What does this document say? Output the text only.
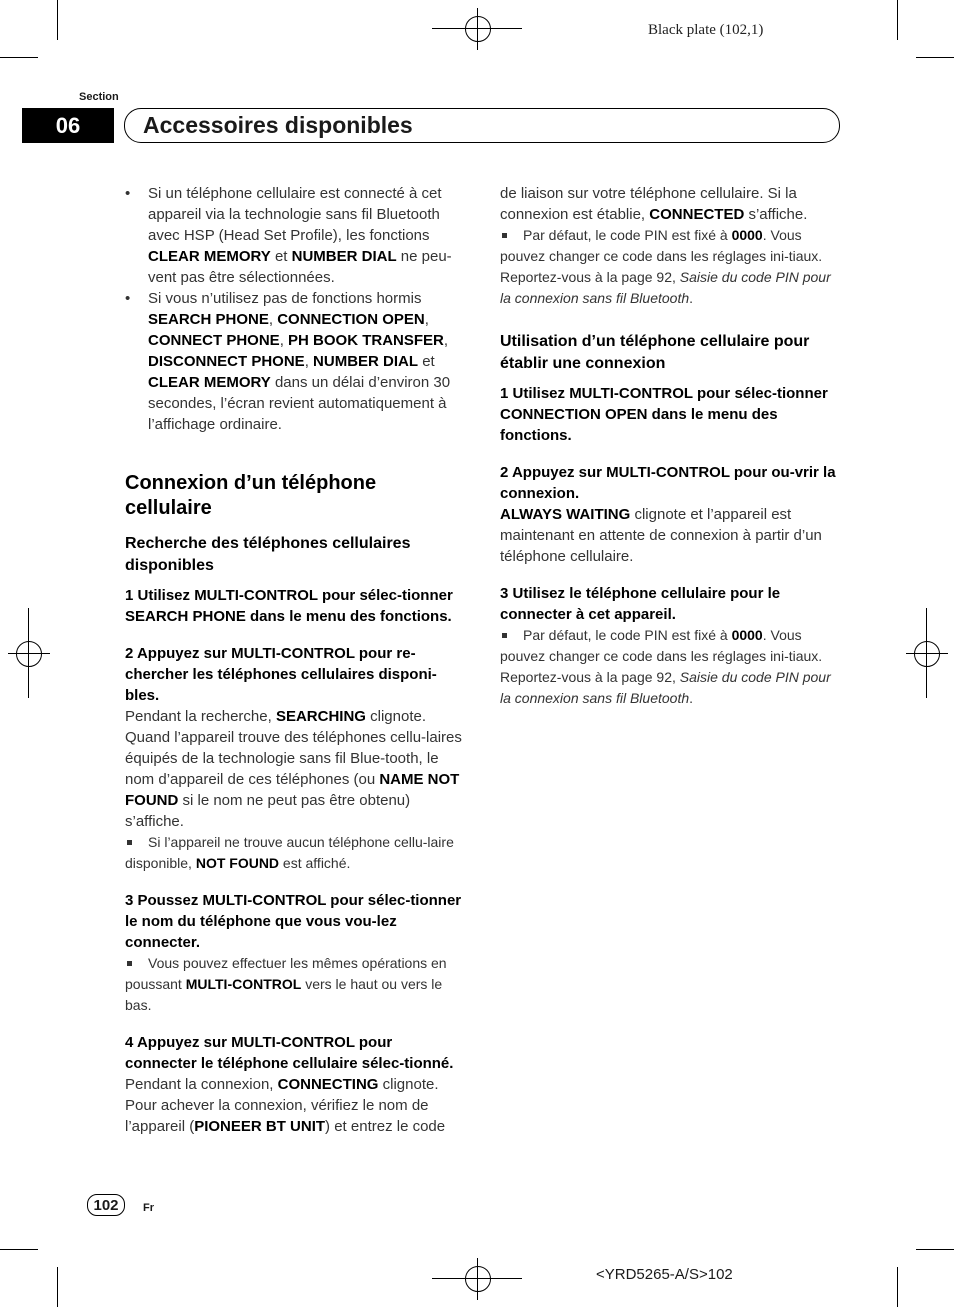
Black plate (102,1)
Section
06	Accessoires disponibles

• Si un téléphone cellulaire est connecté à cet appareil via la technologie sans fil Bluetooth avec HSP (Head Set Profile), les fonctions CLEAR MEMORY et NUMBER DIAL ne peu-vent pas être sélectionnées.

• Si vous n’utilisez pas de fonctions hormis SEARCH PHONE, CONNECTION OPEN, CONNECT PHONE, PH BOOK TRANSFER, DISCONNECT PHONE, NUMBER DIAL et CLEAR MEMORY dans un délai d’environ 30 secondes, l’écran revient automatiquement à l’affichage ordinaire.

Connexion d’un téléphone cellulaire

Recherche des téléphones cellulaires disponibles

1 Utilisez MULTI-CONTROL pour sélec-tionner SEARCH PHONE dans le menu des fonctions.

2 Appuyez sur MULTI-CONTROL pour re-chercher les téléphones cellulaires disponi-bles.

Pendant la recherche, SEARCHING clignote. Quand l’appareil trouve des téléphones cellu-laires équipés de la technologie sans fil Blue-tooth, le nom d’appareil de ces téléphones (ou NAME NOT FOUND si le nom ne peut pas être obtenu) s’affiche.

Si l’appareil ne trouve aucun téléphone cellu-laire disponible, NOT FOUND est affiché.

3 Poussez MULTI-CONTROL pour sélec-tionner le nom du téléphone que vous vou-lez connecter.

Vous pouvez effectuer les mêmes opérations en poussant MULTI-CONTROL vers le haut ou vers le bas.

4 Appuyez sur MULTI-CONTROL pour connecter le téléphone cellulaire sélec-tionné.

Pendant la connexion, CONNECTING clignote. Pour achever la connexion, vérifiez le nom de l’appareil (PIONEER BT UNIT) et entrez le code

de liaison sur votre téléphone cellulaire. Si la connexion est établie, CONNECTED s’affiche.

Par défaut, le code PIN est fixé à 0000. Vous pouvez changer ce code dans les réglages ini-tiaux. Reportez-vous à la page 92, Saisie du code PIN pour la connexion sans fil Bluetooth.

Utilisation d’un téléphone cellulaire pour établir une connexion

1 Utilisez MULTI-CONTROL pour sélec-tionner CONNECTION OPEN dans le menu des fonctions.

2 Appuyez sur MULTI-CONTROL pour ou-vrir la connexion.

ALWAYS WAITING clignote et l’appareil est maintenant en attente de connexion à partir d’un téléphone cellulaire.

3 Utilisez le téléphone cellulaire pour le connecter à cet appareil.

Par défaut, le code PIN est fixé à 0000. Vous pouvez changer ce code dans les réglages ini-tiaux. Reportez-vous à la page 92, Saisie du code PIN pour la connexion sans fil Bluetooth.

102	Fr
<YRD5265-A/S>102
